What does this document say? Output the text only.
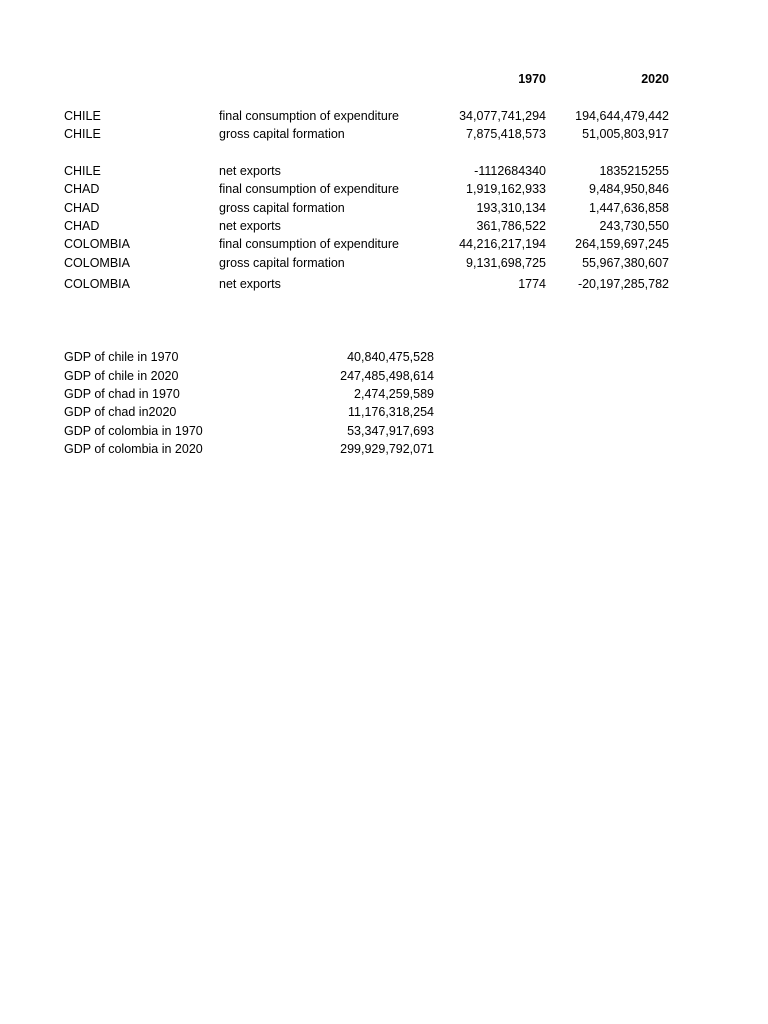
1970	2020
CHILE	final consumption of expenditure	34,077,741,294 194,644,479,442
CHILE	gross capital formation	7,875,418,573	51,005,803,917
CHILE	net exports	-1112684340	1835215255
CHAD	final consumption of expenditure	1,919,162,933	9,484,950,846
CHAD	gross capital formation	193,310,134	1,447,636,858
CHAD	net exports	361,786,522	243,730,550
COLOMBIA	final consumption of expenditure	44,216,217,194 264,159,697,245
COLOMBIA	gross capital formation	9,131,698,725	55,967,380,607
COLOMBIA	net exports	1774	-20,197,285,782
GDP of chile in 1970	40,840,475,528
GDP of chile in 2020	247,485,498,614
GDP of chad in 1970	2,474,259,589
GDP of chad in2020	11,176,318,254
GDP of colombia in 1970	53,347,917,693
GDP of colombia in 2020	299,929,792,071
